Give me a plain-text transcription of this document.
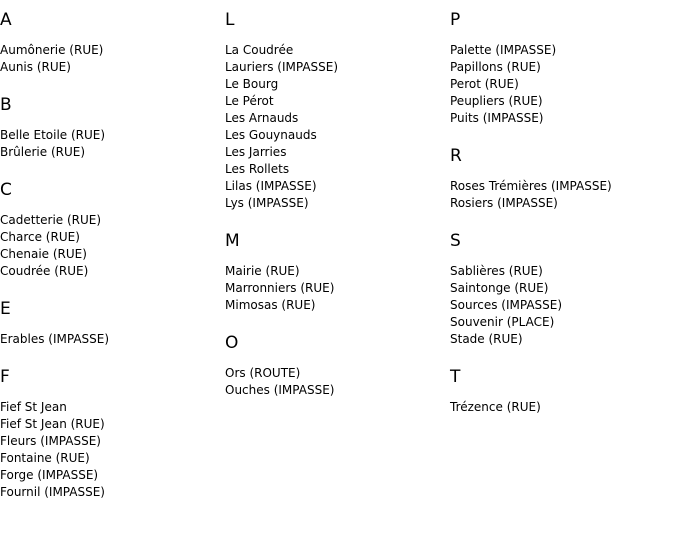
A
Aumônerie (RUE)
Aunis (RUE)
B
Belle Etoile (RUE)
Brûlerie (RUE)
C
Cadetterie (RUE)
Charce (RUE)
Chenaie (RUE)
Coudrée (RUE)
E
Erables (IMPASSE)
F
Fief St Jean
Fief St Jean (RUE)
Fleurs (IMPASSE)
Fontaine (RUE)
Forge (IMPASSE)
Fournil (IMPASSE)
L
La Coudrée
Lauriers (IMPASSE)
Le Bourg
Le Pérot
Les Arnauds
Les Gouynauds
Les Jarries
Les Rollets
Lilas (IMPASSE)
Lys (IMPASSE)
M
Mairie (RUE)
Marronniers (RUE)
Mimosas (RUE)
O
Ors (ROUTE)
Ouches (IMPASSE)
P
Palette (IMPASSE)
Papillons (RUE)
Perot (RUE)
Peupliers (RUE)
Puits (IMPASSE)
R
Roses Trémières (IMPASSE)
Rosiers (IMPASSE)
S
Sablières (RUE)
Saintonge (RUE)
Sources (IMPASSE)
Souvenir (PLACE)
Stade (RUE)
T
Trézence (RUE)
